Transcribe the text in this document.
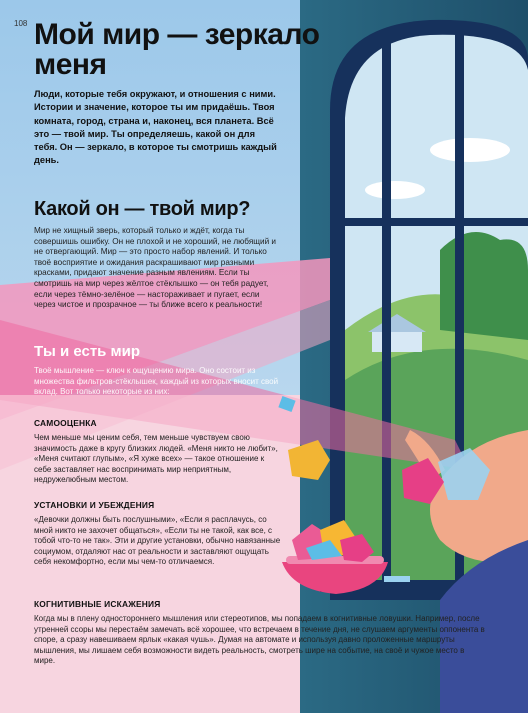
108 Мой мир — зеркало меня
Люди, которые тебя окружают, и отношения с ними. Истории и значение, которое ты им придаёшь. Твоя комната, город, страна и, наконец, вся планета. Всё это — твой мир. Ты определяешь, какой он для тебя. Он — зеркало, в которое ты смотришь каждый день.
Какой он — твой мир?
Мир не хищный зверь, который только и ждёт, когда ты совершишь ошибку. Он не плохой и не хороший, не любящий и не отвергающий. Мир — это просто набор явлений. И только твоё восприятие и ожидания раскрашивают мир разными красками, придают значение разным явлениям. Если ты смотришь на мир через жёлтое стёклышко — он тебя радует, если через тёмно-зелёное — настораживает и пугает, если через чистое и прозрачное — ты ближе всего к реальности!
Ты и есть мир
Твоё мышление — ключ к ощущению мира. Оно состоит из множества фильтров-стёклышек, каждый из которых вносит свой вклад. Вот только некоторые из них:
САМООЦЕНКА
Чем меньше мы ценим себя, тем меньше чувствуем свою значимость даже в кругу близких людей. «Меня никто не любит», «Меня считают глупым», «Я хуже всех» — такое отношение к себе заставляет нас воспринимать мир неприятным, недружелюбным местом.
УСТАНОВКИ И УБЕЖДЕНИЯ
«Девочки должны быть послушными», «Если я расплачусь, со мной никто не захочет общаться», «Если ты не такой, как все, с тобой что-то не так». Эти и другие установки, обычно навязанные социумом, отдаляют нас от реальности и заставляют ощущать себя некомфортно, если мы чем-то отличаемся.
КОГНИТИВНЫЕ ИСКАЖЕНИЯ
Когда мы в плену одностороннего мышления или стереотипов, мы попадаем в когнитивные ловушки. Например, после утренней ссоры мы перестаём замечать всё хорошее, что встречаем в течение дня, не слушаем аргументы оппонента в споре, а сразу навешиваем ярлык «какая чушь». Думая на автомате и используя давно проложенные маршруты мышления, мы лишаем себя возможности видеть реальность, смотреть шире на событие, на своё и чужое место в мире.
